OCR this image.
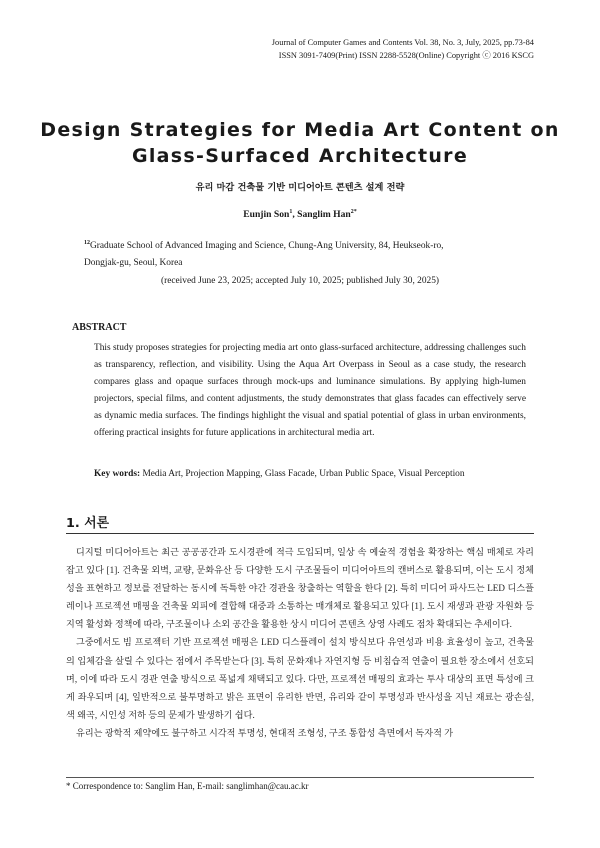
Journal of Computer Games and Contents Vol. 38, No. 3, July, 2025, pp.73-84
ISSN 3091-7409(Print) ISSN 2288-5528(Online) Copyright ⓒ 2016 KSCG
Design Strategies for Media Art Content on
Glass-Surfaced Architecture
유리 마감 건축물 기반 미디어아트 콘텐츠 설계 전략
Eunjin Son$^1$, Sanglim Han$^{2*}$
$^{12}$Graduate School of Advanced Imaging and Science, Chung-Ang University, 84, Heukseok-ro,
Dongjak-gu, Seoul, Korea
(received June 23, 2025; accepted July 10, 2025; published July 30, 2025)
ABSTRACT
This study proposes strategies for projecting media art onto glass-surfaced architecture, addressing challenges such as transparency, reflection, and visibility. Using the Aqua Art Overpass in Seoul as a case study, the research compares glass and opaque surfaces through mock-ups and luminance simulations. By applying high-lumen projectors, special films, and content adjustments, the study demonstrates that glass facades can effectively serve as dynamic media surfaces. The findings highlight the visual and spatial potential of glass in urban environments, offering practical insights for future applications in architectural media art.
Key words: Media Art, Projection Mapping, Glass Facade, Urban Public Space, Visual Perception
1. 서론

디지털 미디어아트는 최근 공공공간과 도시경관에 적극 도입되며, 일상 속 예술적 경험을 확장하는 핵심 매체로 자리잡고 있다 [1]. 건축물 외벽, 교량, 문화유산 등 다양한 도시 구조물들이 미디어아트의 캔버스로 활용되며, 이는 도시 정체성을 표현하고 정보를 전달하는 동시에 독특한 야간 경관을 창출하는 역할을 한다 [2]. 특히 미디어 파사드는 LED 디스플레이나 프로젝션 매핑을 건축물 외피에 결합해 대중과 소통하는 매개체로 활용되고 있다 [1]. 도시 재생과 관광 자원화 등 지역 활성화 정책에 따라, 구조물이나 소외 공간을 활용한 상시 미디어 콘텐츠 상영 사례도 점차 확대되는 추세이다.

그중에서도 빔 프로젝터 기반 프로젝션 매핑은 LED 디스플레이 설치 방식보다 유연성과 비용 효율성이 높고, 건축물의 입체감을 살릴 수 있다는 점에서 주목받는다 [3]. 특히 문화재나 자연지형 등 비침습적 연출이 필요한 장소에서 선호되며, 이에 따라 도시 경관 연출 방식으로 폭넓게 채택되고 있다. 다만, 프로젝션 매핑의 효과는 투사 대상의 표면 특성에 크게 좌우되며 [4], 일반적으로 불투명하고 밝은 표면이 유리한 반면, 유리와 같이 투명성과 반사성을 지닌 재료는 광손실, 색 왜곡, 시인성 저하 등의 문제가 발생하기 쉽다.

유리는 광학적 제약에도 불구하고 시각적 투명성, 현대적 조형성, 구조 통합성 측면에서 독자적 가

* Correspondence to: Sanglim Han, E-mail: sanglimhan@cau.ac.kr
